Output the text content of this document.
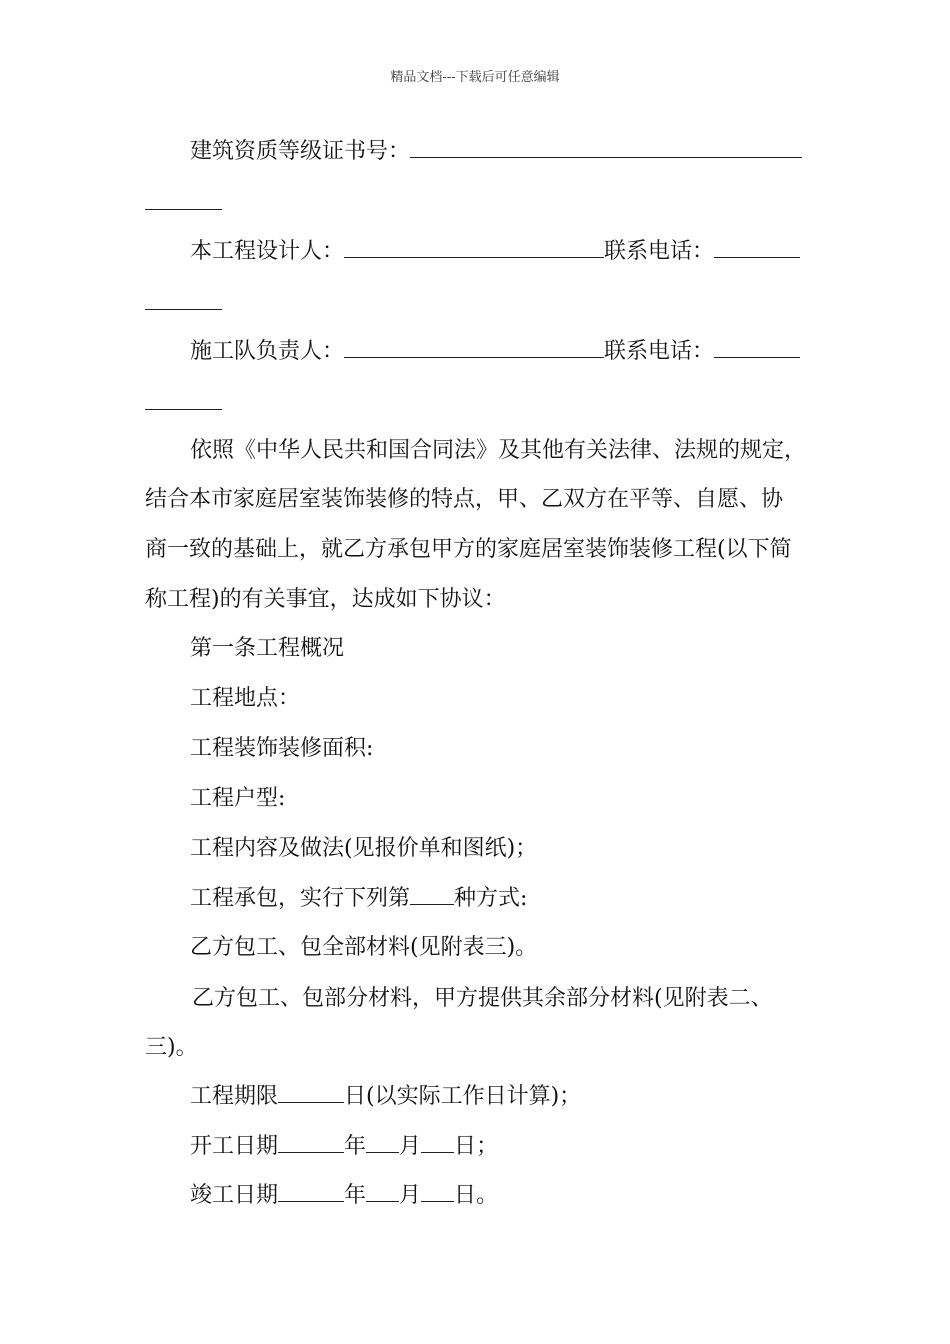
精品文档---下载后可任意编辑
建筑资质等级证书号：
本工程设计人：	联系电话：
施工队负责人：	联系电话：
依照《中华人民共和国合同法》及其他有关法律、法规的规定，
结合本市家庭居室装饰装修的特点，甲、乙双方在平等、自愿、协
商一致的基础上，就乙方承包甲方的家庭居室装饰装修工程(以下简
称工程)的有关事宜，达成如下协议：
第一条工程概况
工程地点：
工程装饰装修面积:
工程户型:
工程内容及做法(见报价单和图纸)；
工程承包，实行下列第 种方式:
乙方包工、包全部材料(见附表三)。
乙方包工、包部分材料，甲方提供其余部分材料(见附表二、
三)。
工程期限	日(以实际工作日计算)；
开工日期	年 月 日；
竣工日期	年 月 日。
